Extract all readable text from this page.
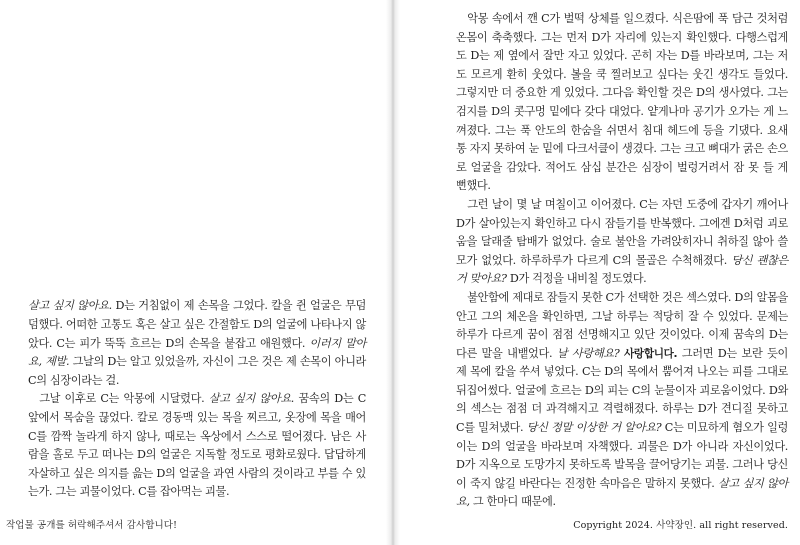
살고 싶지 않아요. D는 거침없이 제 손목을 그었다. 칼을 쥔 얼굴은 무덤덤했다. 어떠한 고통도 혹은 살고 싶은 간절함도 D의 얼굴에 나타나지 않았다. C는 피가 뚝뚝 흐르는 D의 손목을 붙잡고 애원했다. 이러지 말아요, 제발. 그날의 D는 알고 있었을까, 자신이 그은 것은 제 손목이 아니라 C의 심장이라는 걸.

그날 이후로 C는 악몽에 시달렸다. 살고 싶지 않아요. 꿈속의 D는 C 앞에서 목숨을 끊었다. 칼로 경동맥 있는 목을 찌르고, 옷장에 목을 매어 C를 깜짝 놀라게 하지 않나, 때로는 옥상에서 스스로 떨어졌다. 남은 사람을 홀로 두고 떠나는 D의 얼굴은 지독할 정도로 평화로웠다. 답답하게 자살하고 싶은 의지를 읊는 D의 얼굴을 과연 사람의 것이라고 부를 수 있는가. 그는 괴물이었다. C를 잡아먹는 괴물.

작업물 공개를 허락해주셔서 감사합니다!

악몽 속에서 깬 C가 벌떡 상체를 일으켰다. 식은땀에 푹 담근 것처럼 온몸이 축축했다. 그는 먼저 D가 자리에 있는지 확인했다. 다행스럽게도 D는 제 옆에서 잘만 자고 있었다. 곤히 자는 D를 바라보며, 그는 저도 모르게 환히 웃었다. 볼을 쿡 찔러보고 싶다는 웃긴 생각도 들었다. 그렇지만 더 중요한 게 있었다. 그다음 확인할 것은 D의 생사였다. 그는 검지를 D의 콧구멍 밑에다 갖다 대었다. 얕게나마 공기가 오가는 게 느껴졌다. 그는 푹 안도의 한숨을 쉬면서 침대 헤드에 등을 기댔다. 요새 통 자지 못하여 눈 밑에 다크서클이 생겼다. 그는 크고 뼈대가 굵은 손으로 얼굴을 감았다. 적어도 삼십 분간은 심장이 벌렁거려서 잠 못 들 게 뻔했다.

그런 날이 몇 날 며칠이고 이어졌다. C는 자던 도중에 갑자기 깨어나 D가 살아있는지 확인하고 다시 잠들기를 반복했다. 그에겐 D처럼 괴로움을 달래줄 탐배가 없었다. 술로 불안을 가려앉히자니 취하질 않아 쓸모가 없었다. 하루하루가 다르게 C의 몰골은 수척해졌다. 당신 괜찮은 거 맞아요? D가 걱정을 내비칠 정도였다.

불안함에 제대로 잠들지 못한 C가 선택한 것은 섹스였다. D의 알몸을 안고 그의 체온을 확인하면, 그날 하루는 적당히 잘 수 있었다. 문제는 하루가 다르게 꿈이 점점 선명해지고 있단 것이었다. 이제 꿈속의 D는 다른 말을 내뱉었다. 날 사랑해요? 사랑합니다. 그러면 D는 보란 듯이 제 목에 칼을 쑤셔 넣었다. C는 D의 목에서 뿜어져 나오는 피를 그대로 뒤집어썼다. 얼굴에 흐르는 D의 피는 C의 눈물이자 괴로움이었다. D와의 섹스는 점점 더 과격해지고 격렬해졌다. 하루는 D가 견디질 못하고 C를 밀쳐냈다. 당신 정말 이상한 거 알아요? C는 미묘하게 혐오가 일렁이는 D의 얼굴을 바라보며 자책했다. 괴물은 D가 아니라 자신이었다. D가 지옥으로 도망가지 못하도록 발목을 끌어당기는 괴물. 그러나 당신이 죽지 않길 바란다는 진정한 속마음은 말하지 못했다. 살고 싶지 않아요, 그 한마디 때문에.

Copyright 2024. 사약장인. all right reserved.
